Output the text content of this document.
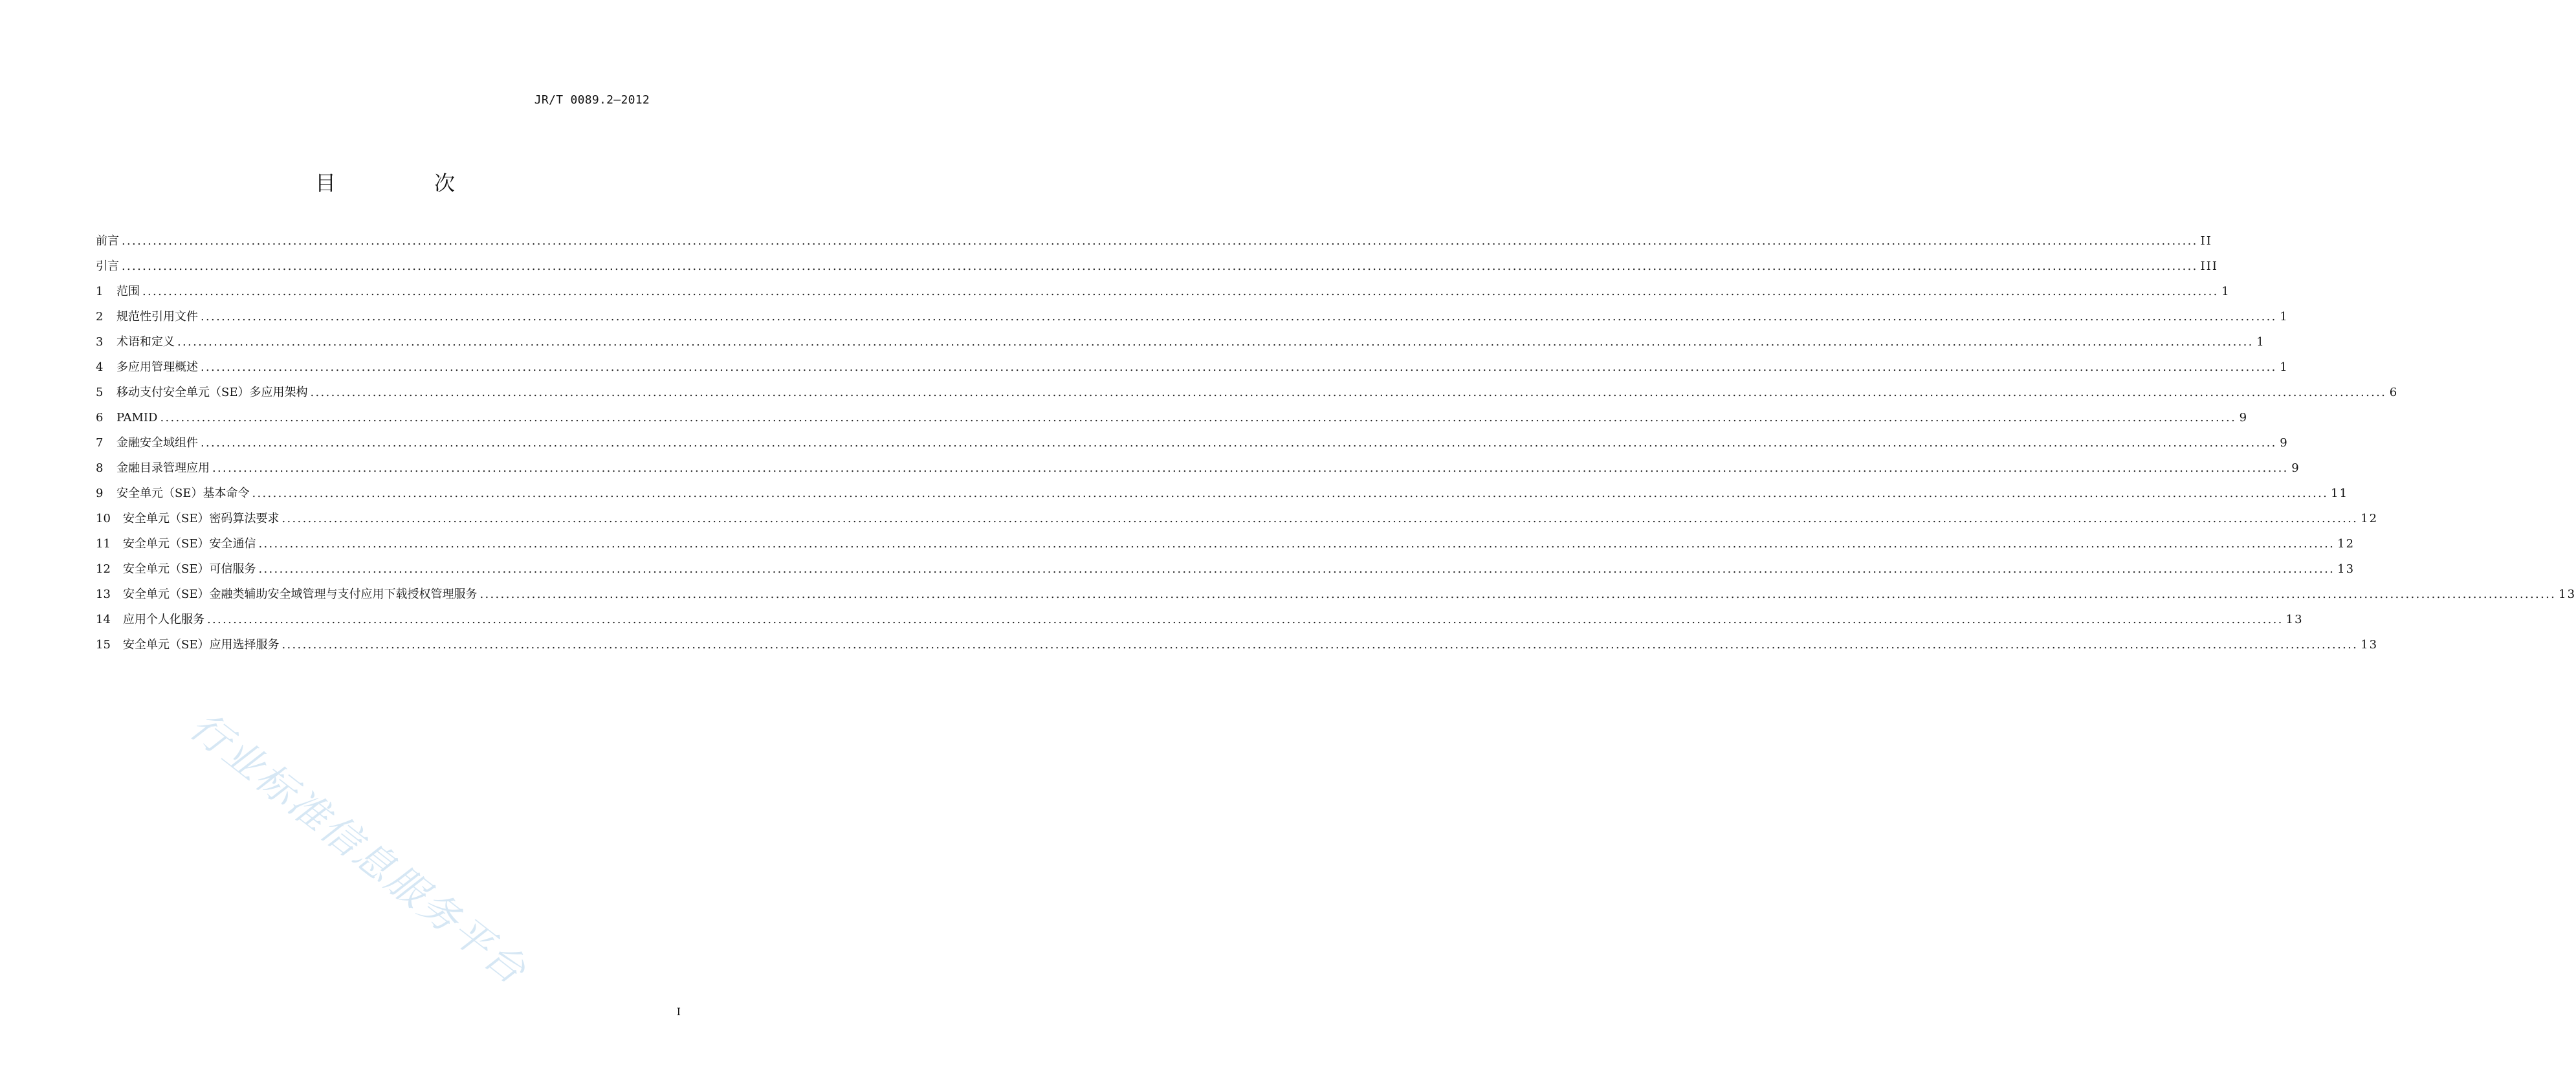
JR/T 0089.2—2012
目　次
前言 ................................................................................................................................................................................................................................................................................................................................................................................................................ II
引言 ................................................................................................................................................................................................................................................................................................................................................................................................................ III
1	范围 ................................................................................................................................................................................................................................................................................................................................................................................................................ 1
2	规范性引用文件 ................................................................................................................................................................................................................................................................................................................................................................................................................ 1
3	术语和定义 ................................................................................................................................................................................................................................................................................................................................................................................................................ 1
4	多应用管理概述 ................................................................................................................................................................................................................................................................................................................................................................................................................ 1
5	移动支付安全单元（SE）多应用架构 ................................................................................................................................................................................................................................................................................................................................................................................................................ 6
6	PAMID ................................................................................................................................................................................................................................................................................................................................................................................................................ 9
7	金融安全域组件 ................................................................................................................................................................................................................................................................................................................................................................................................................ 9
8	金融目录管理应用 ................................................................................................................................................................................................................................................................................................................................................................................................................ 9
9	安全单元（SE）基本命令 ................................................................................................................................................................................................................................................................................................................................................................................................................ 11
10	安全单元（SE）密码算法要求 ................................................................................................................................................................................................................................................................................................................................................................................................................ 12
11	安全单元（SE）安全通信 ................................................................................................................................................................................................................................................................................................................................................................................................................ 12
12	安全单元（SE）可信服务 ................................................................................................................................................................................................................................................................................................................................................................................................................ 13
13	安全单元（SE）金融类辅助安全域管理与支付应用下载授权管理服务 ................................................................................................................................................................................................................................................................................................................................................................................................................ 13
14	应用个人化服务 ................................................................................................................................................................................................................................................................................................................................................................................................................ 13
15	安全单元（SE）应用选择服务 ................................................................................................................................................................................................................................................................................................................................................................................................................ 13
行业标准信息服务平台
I
